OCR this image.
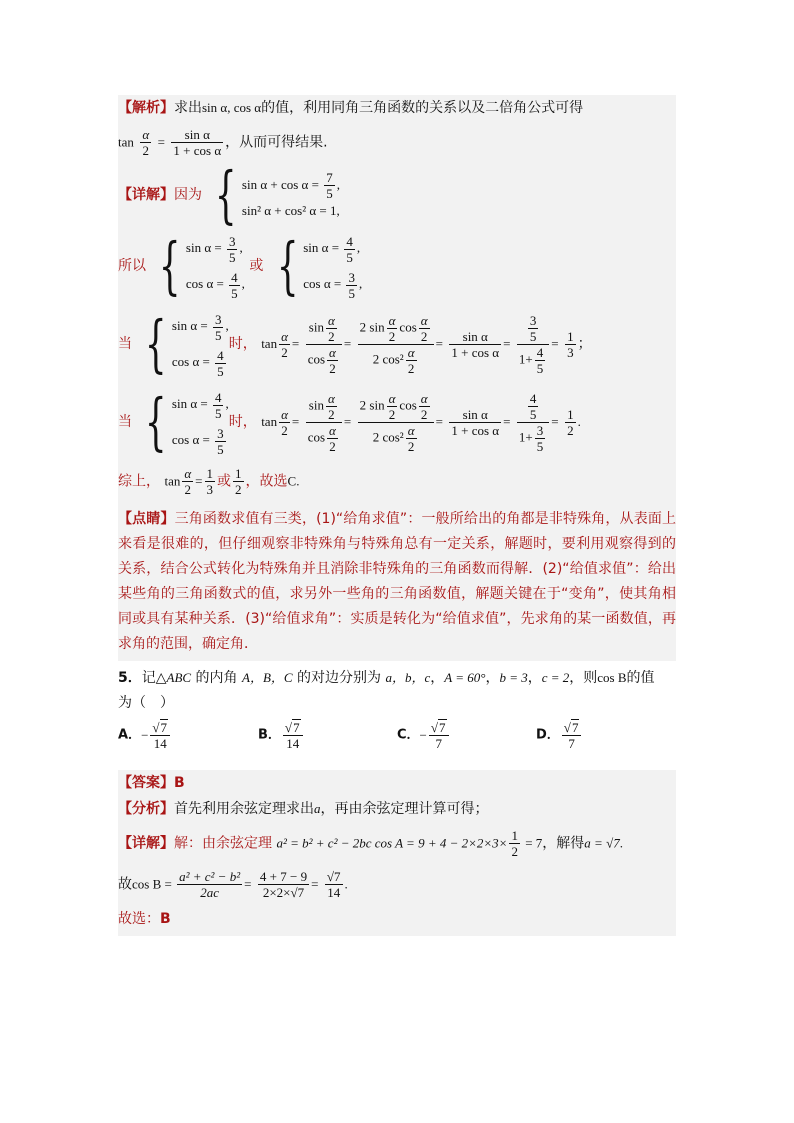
【解析】求出sin α, cos α的值，利用同角三角函数的关系以及二倍角公式可得
$\tan \frac{\alpha}{2} = \frac{\text{sin α}}{\text{1 + cos α}}$ ，从而可得结果.
【详解】因为 { $\sin \alpha + \cos \alpha = \frac{7}{5}$ ,
sin² α + cos² α = 1,
所以 { $\sin \alpha = \frac{3}{5}$ ,
$\cos \alpha = \frac{4}{5}$ ,
或 { $\sin \alpha = \frac{4}{5}$ ,
$\cos \alpha = \frac{3}{5}$ ,
当 { $\sin \alpha = \frac{3}{5}$ ,
$\cos \alpha = \frac{4}{5}$
时， $\tan \frac{\alpha}{2} = \frac{\sin \frac{\alpha}{2}}{\cos \frac{\alpha}{2}} = \frac{2 \sin \frac{\alpha}{2} \cos \frac{\alpha}{2}}{2 \cos^2 \frac{\alpha}{2}} = \frac{\text{sin α}}{\text{1 + cos α}} = \frac{\frac{3}{5}}{1+ \frac{4}{5}} = \frac{1}{3}$ ；
当 { $\sin \alpha = \frac{4}{5}$ ,
$\cos \alpha = \frac{3}{5}$
时， $\tan \frac{\alpha}{2} = \frac{\sin \frac{\alpha}{2}}{\cos \frac{\alpha}{2}} = \frac{2 \sin \frac{\alpha}{2} \cos \frac{\alpha}{2}}{2 \cos^2 \frac{\alpha}{2}} = \frac{\text{sin α}}{\text{1 + cos α}} = \frac{\frac{4}{5}}{1+ \frac{3}{5}} = \frac{1}{2}$ .
综上， $\tan \frac{\alpha}{2} = \frac{1}{3}$ 或 $\frac{1}{2}$ ，故选C.
【点睛】三角函数求值有三类，(1)“给角求值”：一般所给出的角都是非特殊角，从表面上来看是很难的，但仔细观察非特殊角与特殊角总有一定关系，解题时，要利用观察得到的关系，结合公式转化为特殊角并且消除非特殊角的三角函数而得解．(2)“给值求值”：给出某些角的三角函数式的值，求另外一些角的三角函数值，解题关键在于“变角”，使其角相同或具有某种关系．(3)“给值求角”：实质是转化为“给值求值”，先求角的某一函数值，再求角的范围，确定角．
5．记△ABC 的内角 A，B，C 的对边分别为 a，b，c，A = 60°，b = 3，c = 2，则cos B的值
为（　）
A．− $\frac{√7}{14}$	B． $\frac{√7}{14}$	C．− $\frac{√7}{7}$	D． $\frac{√7}{7}$
【答案】B
【分析】首先利用余弦定理求出a，再由余弦定理计算可得；
【详解】解：由余弦定理 a² = b² + c² − 2bc $\cos A = 9 + 4 - 2\times 2\times 3\times \frac{1}{2} = 7$，解得a = √7.
故$\cos B = \frac{\text{a² + c² − b²}}{2ac} = \frac{4 + 7 - 9}{2\times 2\times√7} = \frac{√7}{14}$ .
故选：B
